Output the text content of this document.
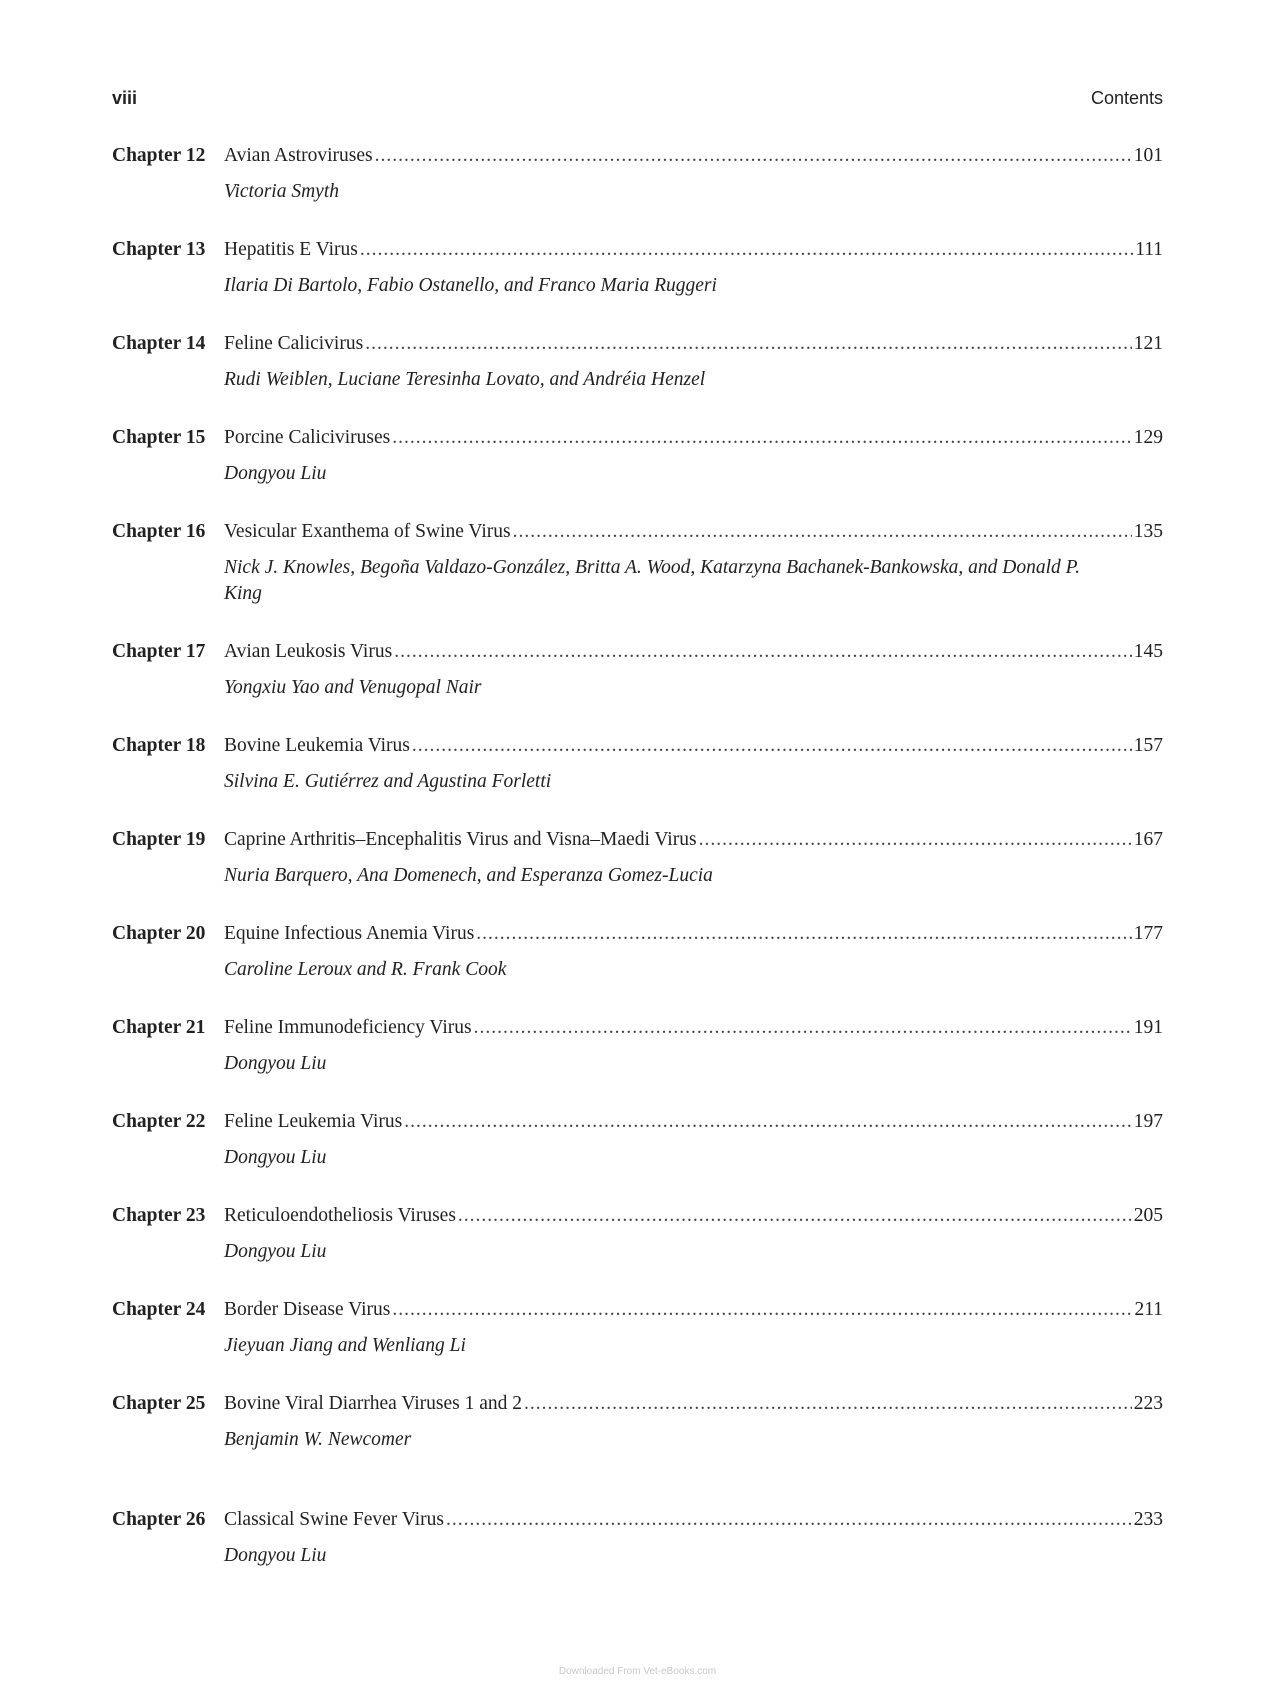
viii	Contents
Chapter 12 Avian Astroviruses .....	101
Victoria Smyth
Chapter 13 Hepatitis E Virus .....	111
Ilaria Di Bartolo, Fabio Ostanello, and Franco Maria Ruggeri
Chapter 14 Feline Calicivirus .....	121
Rudi Weiblen, Luciane Teresinha Lovato, and Andréia Henzel
Chapter 15 Porcine Caliciviruses .....	129
Dongyou Liu
Chapter 16 Vesicular Exanthema of Swine Virus .....	135
Nick J. Knowles, Begoña Valdazo-González, Britta A. Wood, Katarzyna Bachanek-Bankowska, and Donald P. King
Chapter 17 Avian Leukosis Virus .....	145
Yongxiu Yao and Venugopal Nair
Chapter 18 Bovine Leukemia Virus .....	157
Silvina E. Gutiérrez and Agustina Forletti
Chapter 19 Caprine Arthritis–Encephalitis Virus and Visna–Maedi Virus .....	167
Nuria Barquero, Ana Domenech, and Esperanza Gomez-Lucia
Chapter 20 Equine Infectious Anemia Virus .....	177
Caroline Leroux and R. Frank Cook
Chapter 21 Feline Immunodeficiency Virus .....	191
Dongyou Liu
Chapter 22 Feline Leukemia Virus .....	197
Dongyou Liu
Chapter 23 Reticuloendotheliosis Viruses .....	205
Dongyou Liu
Chapter 24 Border Disease Virus .....	211
Jieyuan Jiang and Wenliang Li
Chapter 25 Bovine Viral Diarrhea Viruses 1 and 2 .....	223
Benjamin W. Newcomer
Chapter 26 Classical Swine Fever Virus .....	233
Dongyou Liu
Downloaded From Vet-eBooks.com
